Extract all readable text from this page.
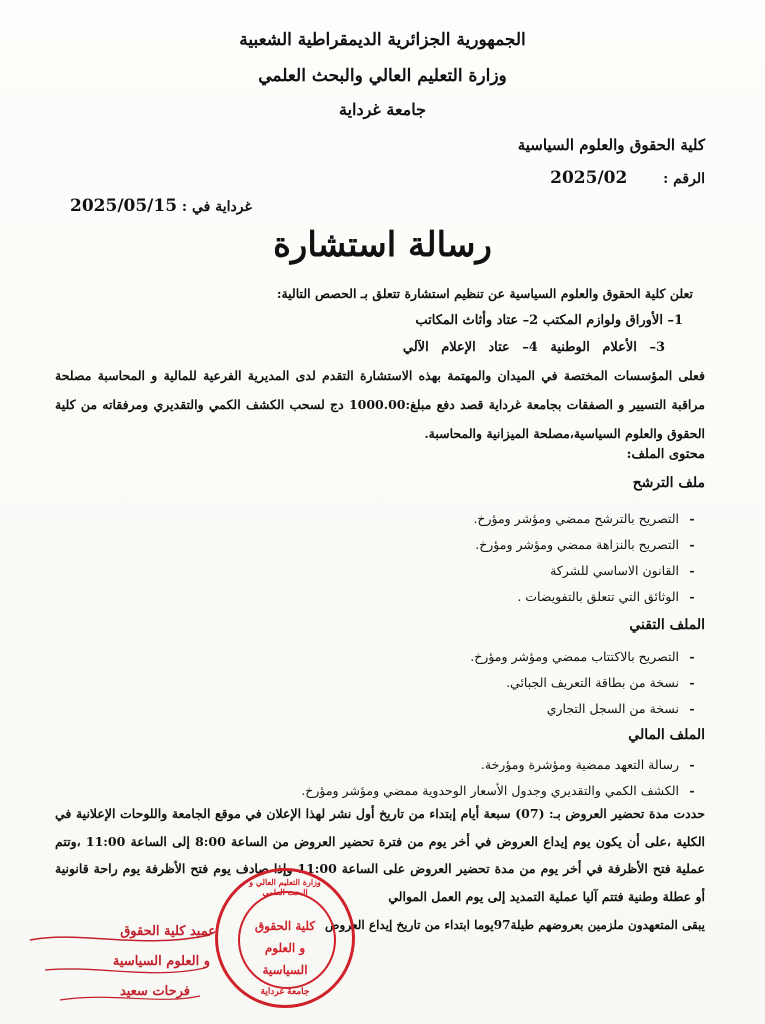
الجمهورية الجزائرية الديمقراطية الشعبية
وزارة التعليم العالي والبحث العلمي
جامعة غرداية
كلية الحقوق والعلوم السياسية
الرقم :  2025/02
غرداية في : 2025/05/15
رسالة استشارة
تعلن كلية الحقوق والعلوم السياسية عن تنظيم استشارة تتعلق بـ الحصص التالية:
1– الأوراق ولوازم المكتب 2– عتاد وأثاث المكاتب
3– الأعلام الوطنية 4– عتاد الإعلام الآلي
فعلى المؤسسات المختصة في الميدان والمهتمة بهذه الاستشارة التقدم لدى المديرية الفرعية للمالية و المحاسبة مصلحة مراقبة التسيير و الصفقات بجامعة غرداية قصد دفع مبلغ:1000.00 دج لسحب الكشف الكمي والتقديري ومرفقاته من كلية الحقوق والعلوم السياسية،مصلحة الميزانية والمحاسبة.
محتوى الملف:
ملف الترشح
-التصريح بالترشح ممضي ومؤشر ومؤرخ.
-التصريح بالنزاهة ممضي ومؤشر ومؤرخ.
-القانون الاساسي للشركة
-الوثائق التي تتعلق بالتفويضات .
الملف التقني
-التصريح بالاكتتاب ممضي ومؤشر ومؤرخ.
-نسخة من بطاقة التعريف الجبائي.
-نسخة من السجل التجاري
الملف المالي
-رسالة التعهد ممضية ومؤشرة ومؤرخة.
-الكشف الكمي والتقديري وجدول الأسعار الوحدوية ممضي ومؤشر ومؤرخ.
حددت مدة تحضير العروض بـ: (07) سبعة أيام إبتداء من تاريخ أول نشر لهذا الإعلان في موقع الجامعة واللوحات الإعلانية في الكلية ،على أن يكون يوم إيداع العروض في أخر يوم من فترة تحضير العروض من الساعة 8:00 إلى الساعة 11:00 ،وتتم عملية فتح الأظرفة في أخر يوم من مدة تحضير العروض على الساعة 11:00 وإذا صادف يوم فتح الأظرفة يوم راحة قانونية أو عطلة وطنية فتتم آليا عملية التمديد إلى يوم العمل الموالي
يبقى المتعهدون ملزمين بعروضهم طيلة97يوما ابتداء من تاريخ إيداع العروض
وزارة التعليم العالي و البحث العلمي
كلية الحقوق
و العلوم السياسية
جامعة غرداية
عميد كلية الحقوق
و العلوم السياسية
فرحات سعيد
